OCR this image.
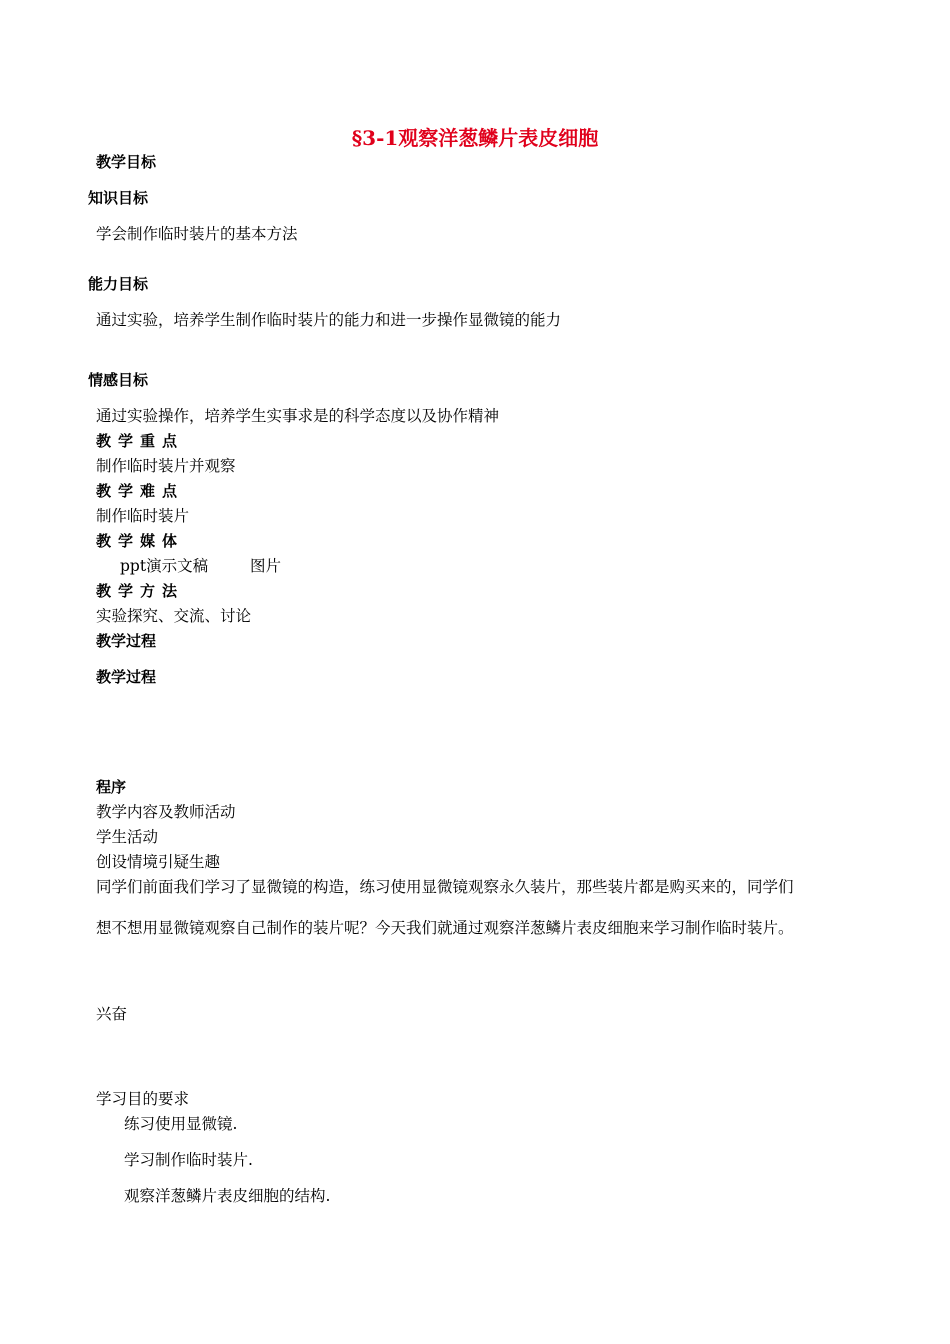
§3-1观察洋葱鳞片表皮细胞
教学目标
知识目标
学会制作临时装片的基本方法
能力目标
通过实验，培养学生制作临时装片的能力和进一步操作显微镜的能力
情感目标
通过实验操作，培养学生实事求是的科学态度以及协作精神
教学重点
制作临时装片并观察
教学难点
制作临时装片
教学媒体
ppt演示文稿	图片
教学方法
实验探究、交流、讨论
教学过程
教学过程
程序
教学内容及教师活动
学生活动
创设情境引疑生趣
同学们前面我们学习了显微镜的构造，练习使用显微镜观察永久装片，那些装片都是购买来的，同学们
想不想用显微镜观察自己制作的装片呢？今天我们就通过观察洋葱鳞片表皮细胞来学习制作临时装片。
兴奋
学习目的要求
练习使用显微镜.
学习制作临时装片.
观察洋葱鳞片表皮细胞的结构.
